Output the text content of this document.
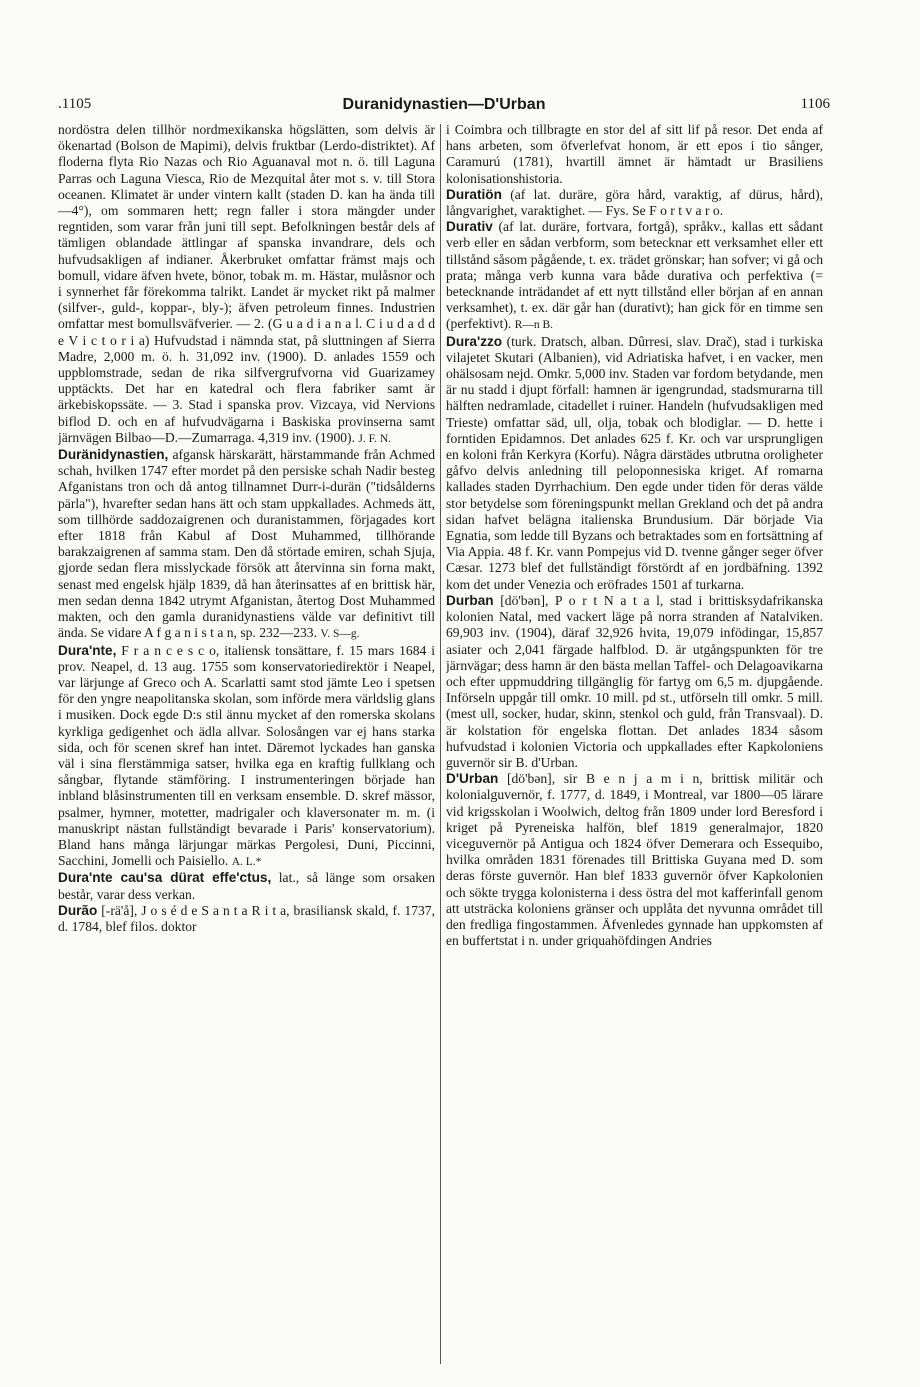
.1105	Duranidynastien—D'Urban	1106

nordöstra delen tillhör nordmexikanska högslätten, som delvis är ökenartad (Bolson de Mapimi), delvis fruktbar (Lerdo-distriktet). Af floderna flyta Rio Nazas och Rio Aguanaval mot n. ö. till Laguna Parras och Laguna Viesca, Rio de Mezquital åter mot s. v. till Stora oceanen. Klimatet är under vintern kallt (staden D. kan ha ända till —4°), om sommaren hett; regn faller i stora mängder under regntiden, som varar från juni till sept. Befolkningen består dels af tämligen oblandade ättlingar af spanska invandrare, dels och hufvudsakligen af indianer. Åkerbruket omfattar främst majs och bomull, vidare äfven hvete, bönor, tobak m. m. Hästar, mulåsnor och i synnerhet får förekomma talrikt. Landet är mycket rikt på malmer (silfver-, guld-, koppar-, bly-); äfven petroleum finnes. Industrien omfattar mest bomullsväfverier. — 2. (G u a d i a n a l. C i u d a d d e V i c t o r i a) Hufvudstad i nämnda stat, på sluttningen af Sierra Madre, 2,000 m. ö. h. 31,092 inv. (1900). D. anlades 1559 och uppblomstrade, sedan de rika silfvergrufvorna vid Guarizamey upptäckts. Det har en katedral och flera fabriker samt är ärkebiskopssäte. — 3. Stad i spanska prov. Vizcaya, vid Nervions biflod D. och en af hufvudvägarna i Baskiska provinserna samt järnvägen Bilbao—D.—Zumarraga. 4,319 inv. (1900). J. F. N.

Duränidynastien, afgansk härskarätt, härstammande från Achmed schah, hvilken 1747 efter mordet på den persiske schah Nadir besteg Afganistans tron och då antog tillnamnet Durr-i-durän ("tidsålderns pärla"), hvarefter sedan hans ätt och stam uppkallades. Achmeds ätt, som tillhörde saddozaigrenen och duranistammen, förjagades kort efter 1818 från Kabul af Dost Muhammed, tillhörande barakzaigrenen af samma stam. Den då störtade emiren, schah Sjuja, gjorde sedan flera misslyckade försök att återvinna sin forna makt, senast med engelsk hjälp 1839, då han återinsattes af en brittisk här, men sedan denna 1842 utrymt Afganistan, återtog Dost Muhammed makten, och den gamla duranidynastiens välde var definitivt till ända. Se vidare A f g a n i s t a n, sp. 232—233. V. S—g.

Dura'nte, F r a n c e s c o, italiensk tonsättare, f. 15 mars 1684 i prov. Neapel, d. 13 aug. 1755 som konservatoriedirektör i Neapel, var lärjunge af Greco och A. Scarlatti samt stod jämte Leo i spetsen för den yngre neapolitanska skolan, som införde mera världslig glans i musiken. Dock egde D:s stil ännu mycket af den romerska skolans kyrkliga gedigenhet och ädla allvar. Solosången var ej hans starka sida, och för scenen skref han intet. Däremot lyckades han ganska väl i sina flerstämmiga satser, hvilka ega en kraftig fullklang och sångbar, flytande stämföring. I instrumenteringen började han inbland blåsinstrumenten till en verksam ensemble. D. skref mässor, psalmer, hymner, motetter, madrigaler och klaversonater m. m. (i manuskript nästan fullständigt bevarade i Paris' konservatorium). Bland hans många lärjungar märkas Pergolesi, Duni, Piccinni, Sacchini, Jomelli och Paisiello. A. L.*

Dura'nte cau'sa dürat effe'ctus, lat., så länge som orsaken består, varar dess verkan.

Durão [-rä'å], J o s é d e S a n t a R i t a, brasiliansk skald, f. 1737, d. 1784, blef filos. doktor

i Coimbra och tillbragte en stor del af sitt lif på resor. Det enda af hans arbeten, som öfverlefvat honom, är ett epos i tio sånger, Caramurú (1781), hvartill ämnet är hämtadt ur Brasiliens kolonisationshistoria.

Duratiön (af lat. duräre, göra hård, varaktig, af dürus, hård), långvarighet, varaktighet. — Fys. Se F o r t v a r o.

Durativ (af lat. duräre, fortvara, fortgå), språkv., kallas ett sådant verb eller en sådan verbform, som betecknar ett verksamhet eller ett tillstånd såsom pågående, t. ex. trädet grönskar; han sofver; vi gå och prata; många verb kunna vara både durativa och perfektiva (= betecknande inträdandet af ett nytt tillstånd eller början af en annan verksamhet), t. ex. där går han (durativt); han gick för en timme sen (perfektivt). R—n B.

Dura'zzo (turk. Dratsch, alban. Dûrresi, slav. Drač), stad i turkiska vilajetet Skutari (Albanien), vid Adriatiska hafvet, i en vacker, men ohälsosam nejd. Omkr. 5,000 inv. Staden var fordom betydande, men är nu stadd i djupt förfall: hamnen är igengrundad, stadsmurarna till hälften nedramlade, citadellet i ruiner. Handeln (hufvudsakligen med Trieste) omfattar säd, ull, olja, tobak och blodiglar. — D. hette i forntiden Epidamnos. Det anlades 625 f. Kr. och var ursprungligen en koloni från Kerkyra (Korfu). Några därstädes utbrutna oroligheter gåfvo delvis anledning till peloponnesiska kriget. Af romarna kallades staden Dyrrhachium. Den egde under tiden för deras välde stor betydelse som föreningspunkt mellan Grekland och det på andra sidan hafvet belägna italienska Brundusium. Där började Via Egnatia, som ledde till Byzans och betraktades som en fortsättning af Via Appia. 48 f. Kr. vann Pompejus vid D. tvenne gånger seger öfver Cæsar. 1273 blef det fullständigt förstördt af en jordbäfning. 1392 kom det under Venezia och eröfrades 1501 af turkarna.

Durban [dö'bən], P o r t N a t a l, stad i brittisksydafrikanska kolonien Natal, med vackert läge på norra stranden af Natalviken. 69,903 inv. (1904), däraf 32,926 hvita, 19,079 infödingar, 15,857 asiater och 2,041 färgade halfblod. D. är utgångspunkten för tre järnvägar; dess hamn är den bästa mellan Taffel- och Delagoavikarna och efter uppmuddring tillgänglig för fartyg om 6,5 m. djupgående. Införseln uppgår till omkr. 10 mill. pd st., utförseln till omkr. 5 mill. (mest ull, socker, hudar, skinn, stenkol och guld, från Transvaal). D. är kolstation för engelska flottan. Det anlades 1834 såsom hufvudstad i kolonien Victoria och uppkallades efter Kapkoloniens guvernör sir B. d'Urban.

D'Urban [dö'bən], sir B e n j a m i n, brittisk militär och kolonialguvernör, f. 1777, d. 1849, i Montreal, var 1800—05 lärare vid krigsskolan i Woolwich, deltog från 1809 under lord Beresford i kriget på Pyreneiska halfön, blef 1819 generalmajor, 1820 viceguvernör på Antigua och 1824 öfver Demerara och Essequibo, hvilka områden 1831 förenades till Brittiska Guyana med D. som deras förste guvernör. Han blef 1833 guvernör öfver Kapkolonien och sökte trygga kolonisterna i dess östra del mot kafferinfall genom att utsträcka koloniens gränser och upplåta det nyvunna området till den fredliga fingostammen. Äfvenledes gynnade han uppkomsten af en buffertstat i n. under griquahöfdingen Andries
